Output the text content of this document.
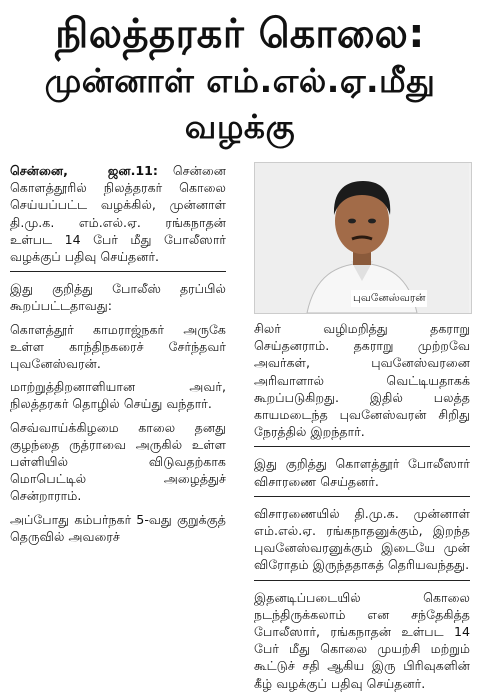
நிலத்தரகர் கொலை:
முன்னாள் எம்.எல்.ஏ.மீது வழக்கு

சென்னை,	ஜன.11: சென்னை கொளத்தூரில் நிலத்தரகர் கொலை செய்யப்பட்ட வழக்கில், முன்னாள் தி.மு.க. எம்.எல்.ஏ. ரங்கநாதன் உள்பட 14 பேர் மீது போலீஸார் வழக்குப் பதிவு செய்தனர்.

இது குறித்து போலீஸ் தரப்பில் கூறப்பட்டதாவது:

கொளத்தூர் காமராஜ்நகர் அருகே உள்ள காந்திநகரைச் சேர்ந்தவர் புவனேஸ்வரன்.

மாற்றுத்திறனாளியான அவர், நிலத்தரகர் தொழில் செய்து வந்தார்.

செவ்வாய்க்கிழமை காலை தனது குழந்தை ருத்ராவை அருகில் உள்ள பள்ளியில் விடுவதற்காக மொபெட்டில் அழைத்துச் சென்றாராம்.

அப்போது கம்பர்நகர் 5-வது குறுக்குத் தெருவில் அவரைச்

புவனேஸ்வரன்

சிலர் வழிமறித்து தகராறு செய்தனராம். தகராறு முற்றவே அவர்கள், புவனேஸ்வரனை அரிவாளால் வெட்டியதாகக் கூறப்படுகிறது. இதில் பலத்த காயமடைந்த புவனேஸ்வரன் சிறிது நேரத்தில் இறந்தார்.

இது குறித்து கொளத்தூர் போலீஸார் விசாரணை செய்தனர்.

விசாரணையில் தி.மு.க. முன்னாள் எம்.எல்.ஏ. ரங்கநாதனுக்கும், இறந்த புவனேஸ்வரனுக்கும் இடையே முன் விரோதம் இருந்ததாகத் தெரியவந்தது.

இதனடிப்படையில் கொலை நடந்திருக்கலாம் என சந்தேகித்த போலீஸார், ரங்கநாதன் உள்பட 14 பேர் மீது கொலை முயற்சி மற்றும் கூட்டுச் சதி ஆகிய இரு பிரிவுகளின் கீழ் வழக்குப் பதிவு செய்தனர்.
